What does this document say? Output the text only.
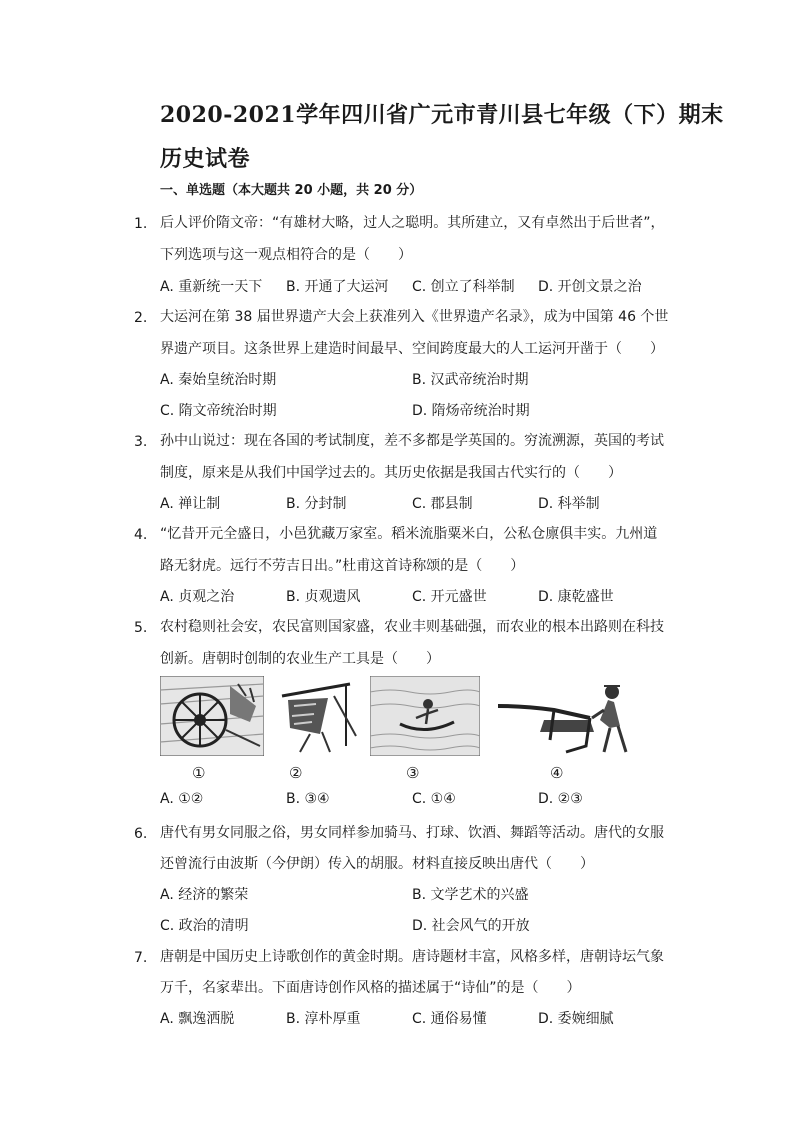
2020-2021学年四川省广元市青川县七年级（下）期末
历史试卷
一、单选题（本大题共 20 小题，共 20 分）
1. 后人评价隋文帝：“有雄材大略，过人之聪明。其所建立，又有卓然出于后世者”，
下列选项与这一观点相符合的是（　　）
A. 重新统一天下 B. 开通了大运河 C. 创立了科举制 D. 开创文景之治
2. 大运河在第 38 届世界遗产大会上获准列入《世界遗产名录》，成为中国第 46 个世
界遗产项目。这条世界上建造时间最早、空间跨度最大的人工运河开凿于（　　）
A. 秦始皇统治时期	B. 汉武帝统治时期
C. 隋文帝统治时期	D. 隋炀帝统治时期
3. 孙中山说过：现在各国的考试制度，差不多都是学英国的。穷流溯源，英国的考试
制度，原来是从我们中国学过去的。其历史依据是我国古代实行的（　　）
A. 禅让制	B. 分封制	C. 郡县制	D. 科举制
4. “忆昔开元全盛日，小邑犹藏万家室。稻米流脂粟米白，公私仓廪俱丰实。九州道
路无豺虎。远行不劳吉日出。”杜甫这首诗称颂的是（　　）
A. 贞观之治	B. 贞观遗风	C. 开元盛世	D. 康乾盛世
5. 农村稳则社会安，农民富则国家盛，农业丰则基础强，而农业的根本出路则在科技
创新。唐朝时创制的农业生产工具是（　　）
①	②	③	④
A. ①②	B. ③④	C. ①④	D. ②③
6. 唐代有男女同服之俗，男女同样参加骑马、打球、饮酒、舞蹈等活动。唐代的女服
还曾流行由波斯（今伊朗）传入的胡服。材料直接反映出唐代（　　）
A. 经济的繁荣	B. 文学艺术的兴盛
C. 政治的清明	D. 社会风气的开放
7. 唐朝是中国历史上诗歌创作的黄金时期。唐诗题材丰富，风格多样，唐朝诗坛气象
万千，名家辈出。下面唐诗创作风格的描述属于“诗仙”的是（　　）
A. 飘逸洒脱	B. 淳朴厚重	C. 通俗易懂	D. 委婉细腻
